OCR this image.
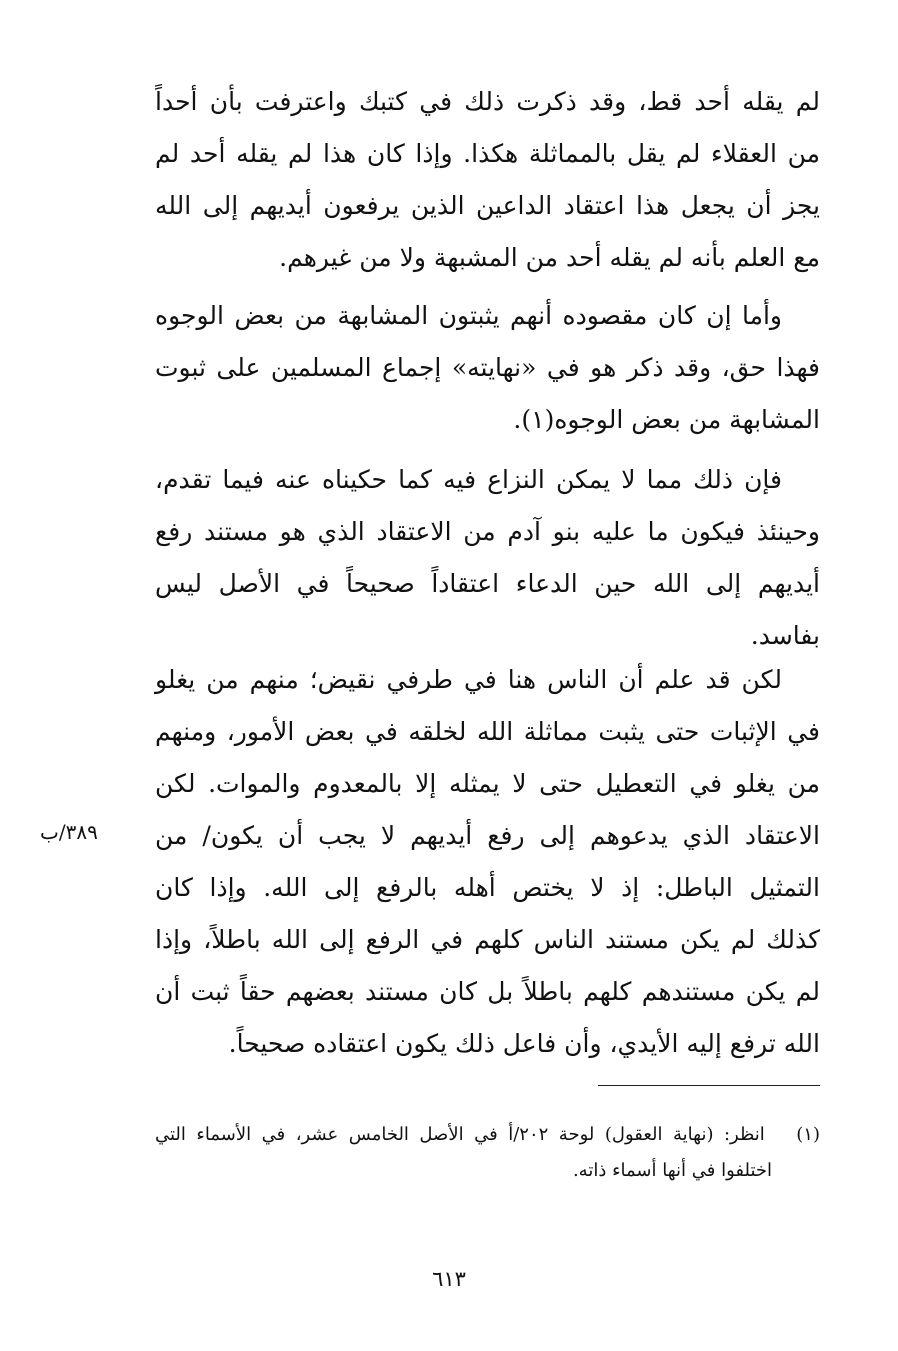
لم يقله أحد قط، وقد ذكرت ذلك في كتبك واعترفت بأن أحداً
من العقلاء لم يقل بالمماثلة هكذا. وإذا كان هذا لم يقله أحد لم
يجز أن يجعل هذا اعتقاد الداعين الذين يرفعون أيديهم إلى الله
مع العلم بأنه لم يقله أحد من المشبهة ولا من غيرهم.
وأما إن كان مقصوده أنهم يثبتون المشابهة من بعض الوجوه
فهذا حق، وقد ذكر هو في «نهايته» إجماع المسلمين على ثبوت
المشابهة من بعض الوجوه(١).
فإن ذلك مما لا يمكن النزاع فيه كما حكيناه عنه فيما تقدم،
وحينئذ فيكون ما عليه بنو آدم من الاعتقاد الذي هو مستند رفع
أيديهم إلى الله حين الدعاء اعتقاداً صحيحاً في الأصل ليس
بفاسد.
لكن قد علم أن الناس هنا في طرفي نقيض؛ منهم من يغلو
في الإثبات حتى يثبت مماثلة الله لخلقه في بعض الأمور، ومنهم
من يغلو في التعطيل حتى لا يمثله إلا بالمعدوم والموات. لكن
الاعتقاد الذي يدعوهم إلى رفع أيديهم لا يجب أن يكون/ من
التمثيل الباطل: إذ لا يختص أهله بالرفع إلى الله. وإذا كان
كذلك لم يكن مستند الناس كلهم في الرفع إلى الله باطلاً، وإذا
لم يكن مستندهم كلهم باطلاً بل كان مستند بعضهم حقاً ثبت أن
الله ترفع إليه الأيدي، وأن فاعل ذلك يكون اعتقاده صحيحاً.
٣٨٩/ب
(١)   انظر: (نهاية العقول) لوحة ٢٠٢/أ في الأصل الخامس عشر، في الأسماء التي
اختلفوا في أنها أسماء ذاته.
٦١٣
